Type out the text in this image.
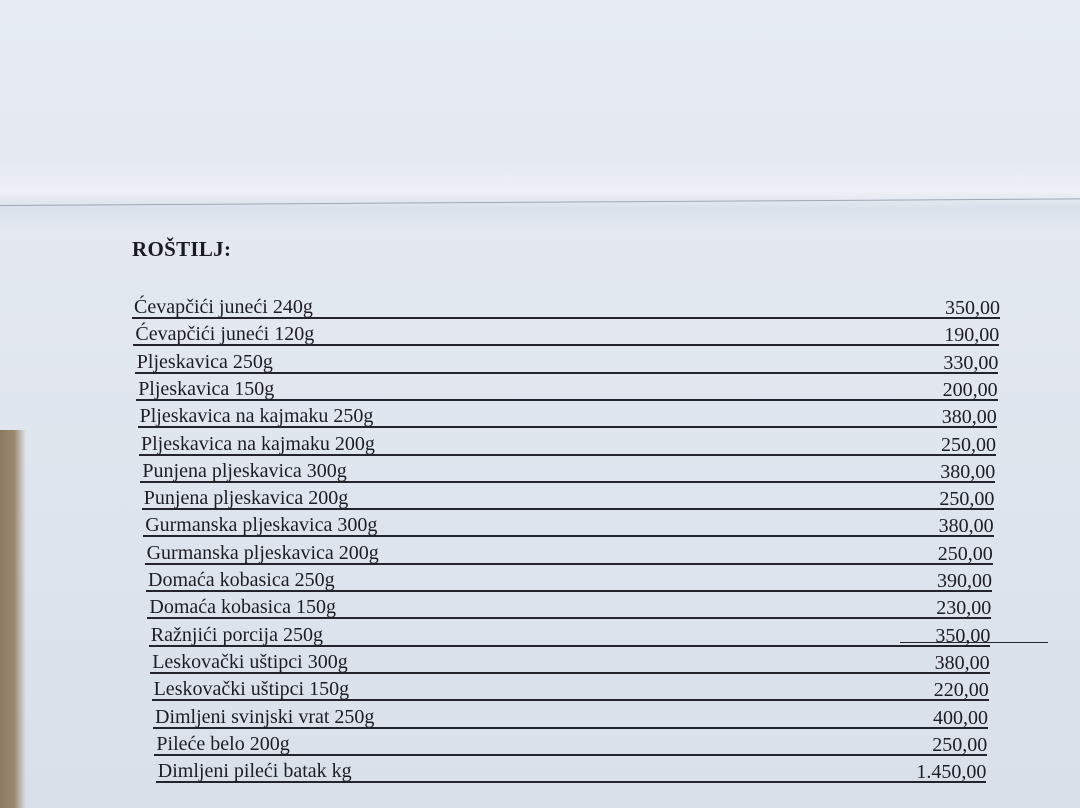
ROŠTILJ:
Ćevapčići juneći 240g	350,00
Ćevapčići juneći 120g	190,00
Pljeskavica 250g	330,00
Pljeskavica 150g	200,00
Pljeskavica na kajmaku 250g	380,00
Pljeskavica na kajmaku 200g	250,00
Punjena pljeskavica 300g	380,00
Punjena pljeskavica 200g	250,00
Gurmanska pljeskavica 300g	380,00
Gurmanska pljeskavica 200g	250,00
Domaća kobasica 250g	390,00
Domaća kobasica 150g	230,00
Ražnjići porcija 250g	350,00
Leskovački uštipci 300g	380,00
Leskovački uštipci 150g	220,00
Dimljeni svinjski vrat 250g	400,00
Pileće belo 200g	250,00
Dimljeni pileći batak kg	1.450,00
